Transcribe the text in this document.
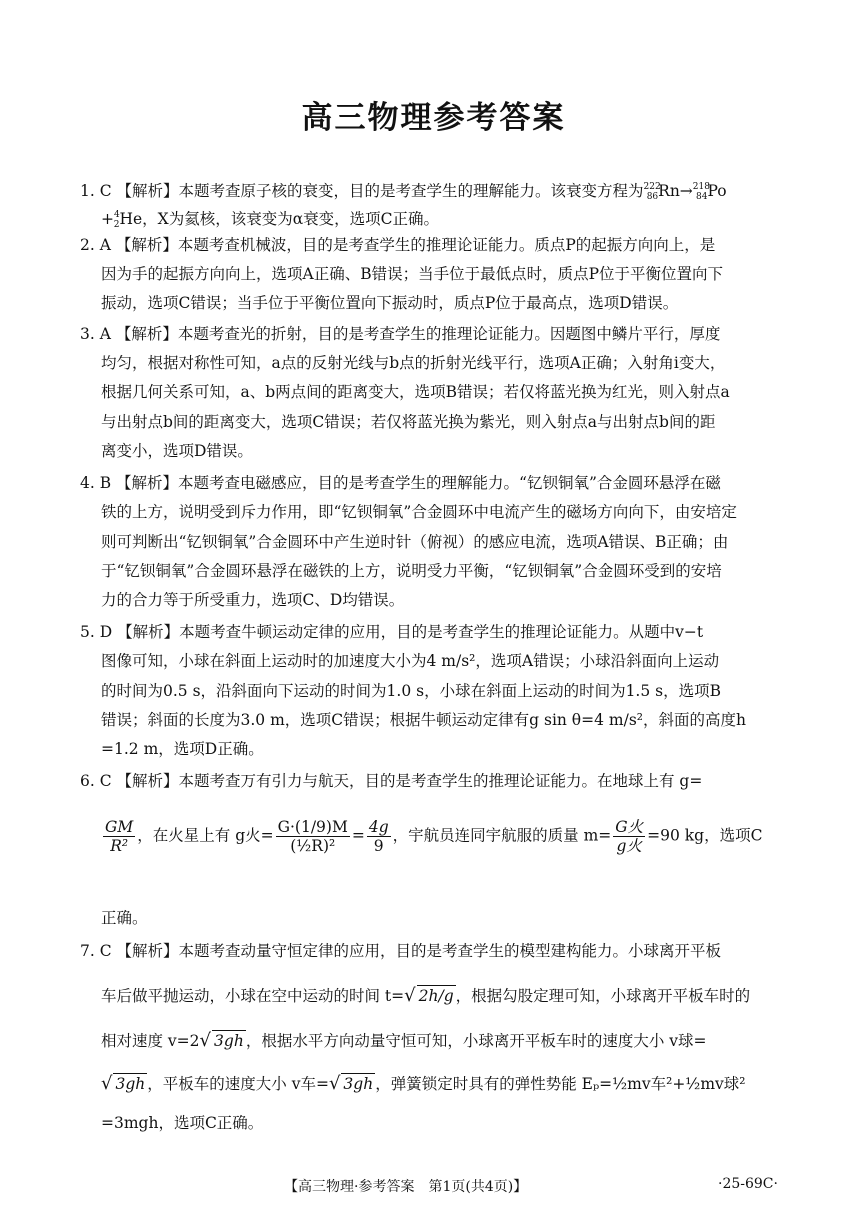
高三物理参考答案
1. C 【解析】本题考查原子核的衰变，目的是考查学生的理解能力。该衰变方程为$^{222}_{86}$Rn→$^{218}_{84}$Po
+$^4_2$He，X为氦核，该衰变为α衰变，选项C正确。
2. A 【解析】本题考查机械波，目的是考查学生的推理论证能力。质点P的起振方向向上，是
因为手的起振方向向上，选项A正确、B错误；当手位于最低点时，质点P位于平衡位置向下
振动，选项C错误；当手位于平衡位置向下振动时，质点P位于最高点，选项D错误。
3. A 【解析】本题考查光的折射，目的是考查学生的推理论证能力。因题图中鳞片平行，厚度
均匀，根据对称性可知，a点的反射光线与b点的折射光线平行，选项A正确；入射角i变大，
根据几何关系可知，a、b两点间的距离变大，选项B错误；若仅将蓝光换为红光，则入射点a
与出射点b间的距离变大，选项C错误；若仅将蓝光换为紫光，则入射点a与出射点b间的距
离变小，选项D错误。
4. B 【解析】本题考查电磁感应，目的是考查学生的理解能力。“钇钡铜氧”合金圆环悬浮在磁
铁的上方，说明受到斥力作用，即“钇钡铜氧”合金圆环中电流产生的磁场方向向下，由安培定
则可判断出“钇钡铜氧”合金圆环中产生逆时针（俯视）的感应电流，选项A错误、B正确；由
于“钇钡铜氧”合金圆环悬浮在磁铁的上方，说明受力平衡，“钇钡铜氧”合金圆环受到的安培
力的合力等于所受重力，选项C、D均错误。
5. D 【解析】本题考查牛顿运动定律的应用，目的是考查学生的推理论证能力。从题中v−t
图像可知，小球在斜面上运动时的加速度大小为4 m/s²，选项A错误；小球沿斜面向上运动
的时间为0.5 s，沿斜面向下运动的时间为1.0 s，小球在斜面上运动的时间为1.5 s，选项B
错误；斜面的长度为3.0 m，选项C错误；根据牛顿运动定律有g sin θ=4 m/s²，斜面的高度h
=1.2 m，选项D正确。
6. C 【解析】本题考查万有引力与航天，目的是考查学生的推理论证能力。在地球上有 g=
$\frac{GM}{\text{R²}}$ ，在火星上有 g火= $\frac{G\cdot(1/9)M}{\text{(½R)²}} = \frac{4g}{9}$ ，宇航员连同宇航服的质量 $m= \frac{\text{G火}}{\text{g火}} =90$ kg，选项C
正确。
7. C 【解析】本题考查动量守恒定律的应用，目的是考查学生的模型建构能力。小球离开平板
车后做平抛运动，小球在空中运动的时间 t=√ 2h/g ，根据勾股定理可知，小球离开平板车时的
相对速度 v=2√ 3gh ，根据水平方向动量守恒可知，小球离开平板车时的速度大小 v球=
√ 3gh ，平板车的速度大小 v车=√ 3gh ，弹簧锁定时具有的弹性势能 Eₚ=½mv车²+½mv球²
=3mgh，选项C正确。
【高三物理·参考答案　第1页(共4页)】	·25-69C·
